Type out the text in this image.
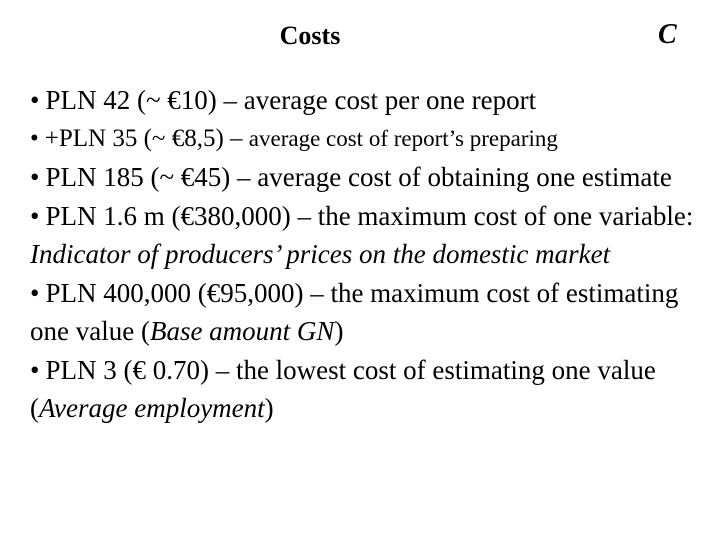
Costs	C
• PLN 42 (~ €10) – average cost per one report
• +PLN 35 (~ €8,5) – average cost of report’s preparing
• PLN 185 (~ €45) – average cost of obtaining one estimate
• PLN 1.6 m (€380,000) – the maximum cost of one variable: Indicator of producers’ prices on the domestic market
• PLN 400,000 (€95,000) – the maximum cost of estimating one value (Base amount GN)
• PLN 3 (€ 0.70) – the lowest cost of estimating one value (Average employment)
